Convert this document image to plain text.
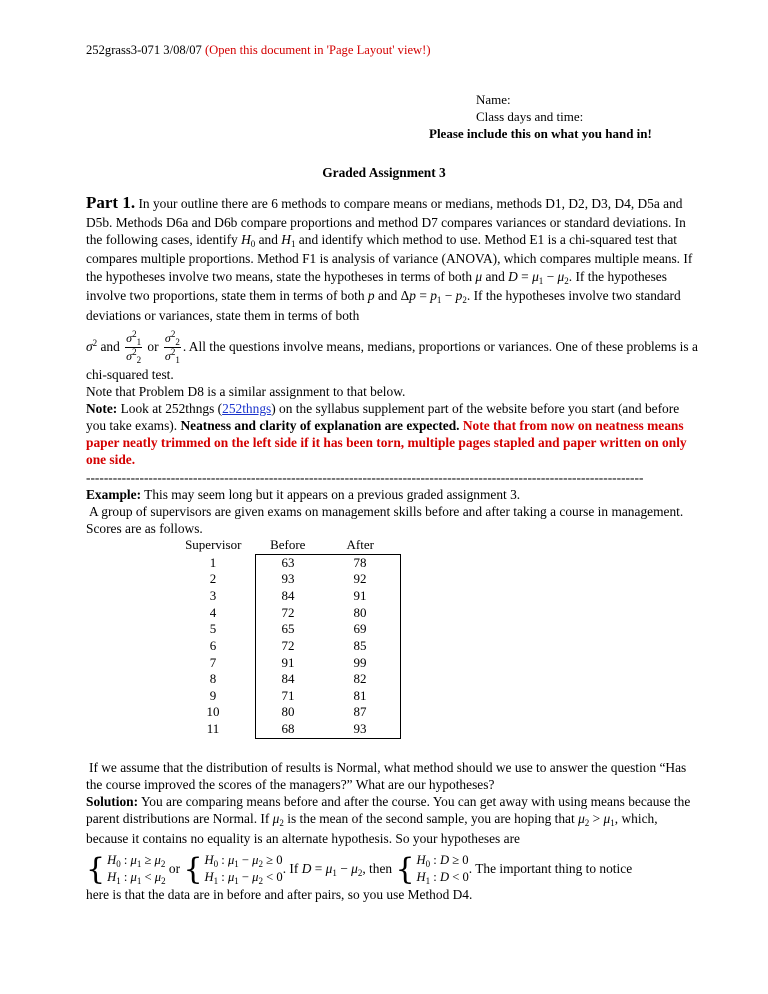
252grass3-071 3/08/07 (Open this document in 'Page Layout' view!)
Name:
Class days and time:
Please include this on what you hand in!
Graded Assignment 3

Part 1. In your outline there are 6 methods to compare means or medians, methods D1, D2, D3, D4, D5a and D5b. Methods D6a and D6b compare proportions and method D7 compares variances or standard deviations. In the following cases, identify $H_0$ and $H_1$ and identify which method to use. Method E1 is a chi-squared test that compares multiple proportions. Method F1 is analysis of variance (ANOVA), which compares multiple means. If the hypotheses involve two means, state the hypotheses in terms of both μ and $D = \mu_1 - \mu_2$. If the hypotheses involve two proportions, state them in terms of both p and $\Delta p = p_1 - p_2$. If the hypotheses involve two standard deviations or variances, state them in terms of both

$\sigma^2$ and $\frac{\sigma^2_1}{\sigma^2_2}$ or $\frac{\sigma^2_2}{\sigma^2_1}$ . All the questions involve means, medians, proportions or variances. One of these problems is a chi-squared test.

Note that Problem D8 is a similar assignment to that below.

Note: Look at 252thngs (252thngs) on the syllabus supplement part of the website before you start (and before you take exams). Neatness and clarity of explanation are expected. Note that from now on neatness means paper neatly trimmed on the left side if it has been torn, multiple pages stapled and paper written on only one side.

-----------------------------------------------------------------------------------------------------------------------------

Example: This may seem long but it appears on a previous graded assignment 3.

A group of supervisors are given exams on management skills before and after taking a course in management. Scores are as follows.

Supervisor	Before	After
1	63	78
2	93	92
3	84	91
4	72	80
5	65	69
6	72	85
7	91	99
8	84	82
9	71	81
10	80	87
11	68	93

If we assume that the distribution of results is Normal, what method should we use to answer the question “Has the course improved the scores of the managers?” What are our hypotheses?

Solution: You are comparing means before and after the course. You can get away with using means because the parent distributions are Normal. If $\mu_2$ is the mean of the second sample, you are hoping that $\mu_2 > \mu_1$, which, because it contains no equality is an alternate hypothesis. So your hypotheses are

{ $H_0$ : $\mu_1 \ge \mu_2$
$H_1$ : $\mu_1 < \mu_2$
or { $H_0$ : $\mu_1 - \mu_2 \ge 0$
$H_1$ : $\mu_1 - \mu_2 < 0$
. If $D = \mu_1 - \mu_2$, then { $H_0$ : D ≥ 0
$H_1$ : D < 0
. The important thing to notice

here is that the data are in before and after pairs, so you use Method D4.
